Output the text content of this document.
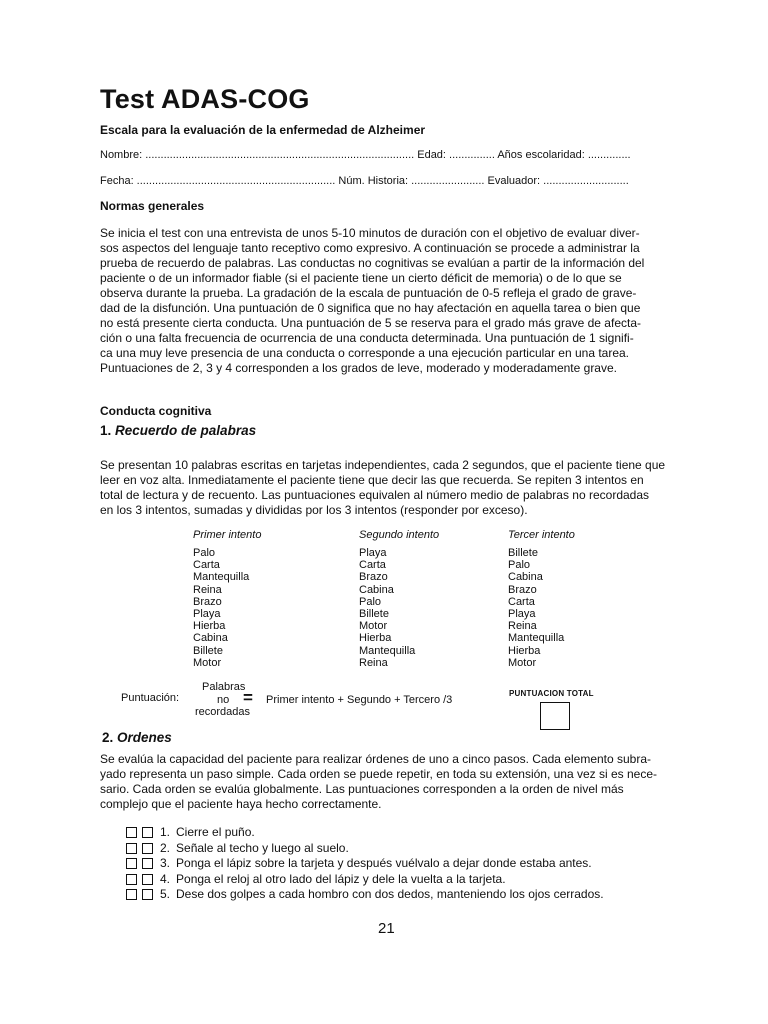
Test ADAS-COG
Escala para la evaluación de la enfermedad de Alzheimer
Nombre: ........................................................................................ Edad: ............... Años escolaridad: ..............
Fecha: ................................................................. Núm. Historia: ........................ Evaluador: ............................
Normas generales
Se inicia el test con una entrevista de unos 5-10 minutos de duración con el objetivo de evaluar diver-
sos aspectos del lenguaje tanto receptivo como expresivo. A continuación se procede a administrar la
prueba de recuerdo de palabras. Las conductas no cognitivas se evalúan a partir de la información del
paciente o de un informador fiable (si el paciente tiene un cierto déficit de memoria) o de lo que se
observa durante la prueba. La gradación de la escala de puntuación de 0-5 refleja el grado de grave-
dad de la disfunción. Una puntuación de 0 significa que no hay afectación en aquella tarea o bien que
no está presente cierta conducta. Una puntuación de 5 se reserva para el grado más grave de afecta-
ción o una falta frecuencia de ocurrencia de una conducta determinada. Una puntuación de 1 signifi-
ca una muy leve presencia de una conducta o corresponde a una ejecución particular en una tarea.
Puntuaciones de 2, 3 y 4 corresponden a los grados de leve, moderado y moderadamente grave.
Conducta cognitiva
1. Recuerdo de palabras
Se presentan 10 palabras escritas en tarjetas independientes, cada 2 segundos, que el paciente tiene que
leer en voz alta. Inmediatamente el paciente tiene que decir las que recuerda. Se repiten 3 intentos en
total de lectura y de recuento. Las puntuaciones equivalen al número medio de palabras no recordadas
en los 3 intentos, sumadas y divididas por los 3 intentos (responder por exceso).
Primer intento
Palo
Carta
Mantequilla
Reina
Brazo
Playa
Hierba
Cabina
Billete
Motor
Segundo intento
Playa
Carta
Brazo
Cabina
Palo
Billete
Motor
Hierba
Mantequilla
Reina
Tercer intento
Billete
Palo
Cabina
Brazo
Carta
Playa
Reina
Mantequilla
Hierba
Motor
Puntuación:
Palabras
no
recordadas
= Primer intento + Segundo + Tercero /3
PUNTUACION TOTAL
2. Ordenes
Se evalúa la capacidad del paciente para realizar órdenes de uno a cinco pasos. Cada elemento subra-
yado representa un paso simple. Cada orden se puede repetir, en toda su extensión, una vez si es nece-
sario. Cada orden se evalúa globalmente. Las puntuaciones corresponden a la orden de nivel más
complejo que el paciente haya hecho correctamente.
1. Cierre el puño.
2. Señale al techo y luego al suelo.
3. Ponga el lápiz sobre la tarjeta y después vuélvalo a dejar donde estaba antes.
4. Ponga el reloj al otro lado del lápiz y dele la vuelta a la tarjeta.
5. Dese dos golpes a cada hombro con dos dedos, manteniendo los ojos cerrados.
21
